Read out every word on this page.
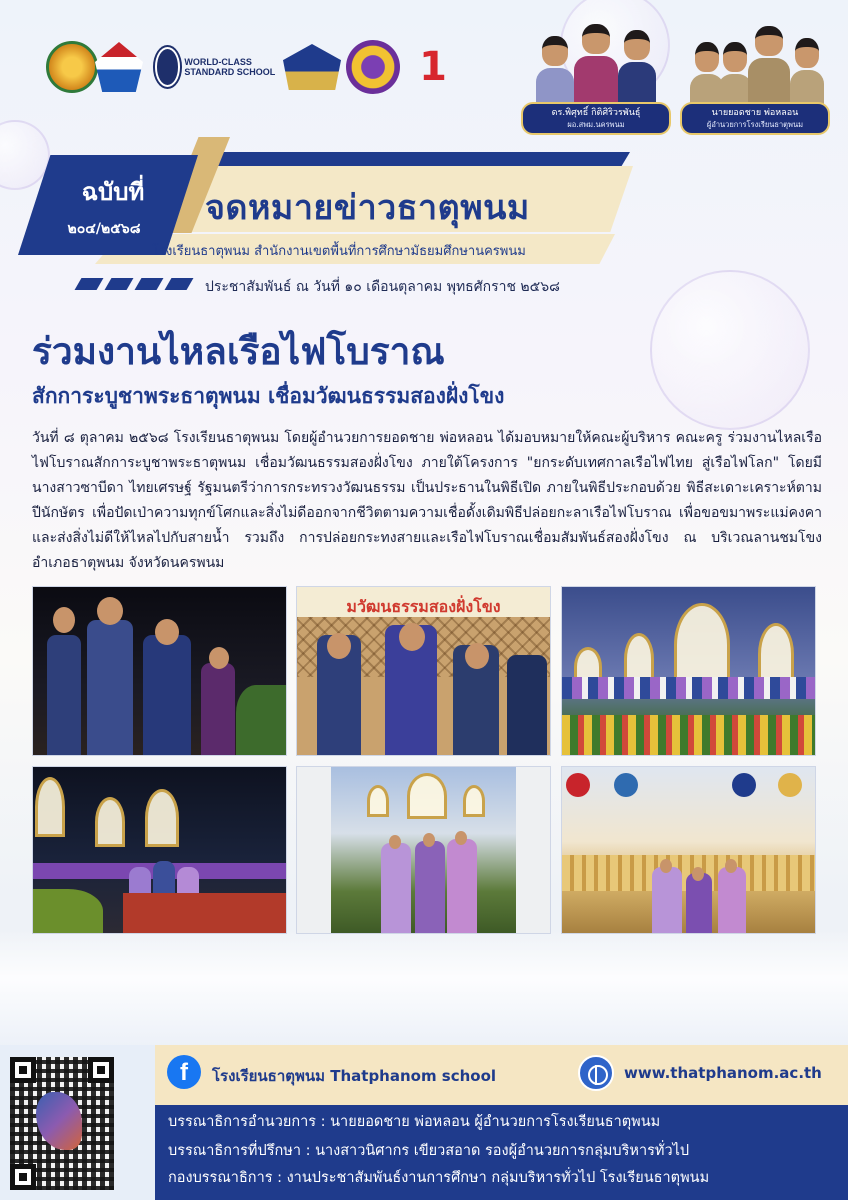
WORLD-CLASS STANDARD SCHOOL	1
ดร.พิศุทธิ์ กิติศิริวรพันธุ์
ผอ.สพม.นครพนม
นายยอดชาย พ่อหลอน
ผู้อำนวยการโรงเรียนธาตุพนม
ฉบับที่
๒๐๔/๒๕๖๘
จดหมายข่าวธาตุพนม
โรงเรียนธาตุพนม สำนักงานเขตพื้นที่การศึกษามัธยมศึกษานครพนม
ประชาสัมพันธ์ ณ วันที่ ๑๐ เดือนตุลาคม พุทธศักราช ๒๕๖๘
ร่วมงานไหลเรือไฟโบราณ
สักการะบูชาพระธาตุพนม เชื่อมวัฒนธรรมสองฝั่งโขง
วันที่ ๘ ตุลาคม ๒๕๖๘ โรงเรียนธาตุพนม โดยผู้อำนวยการยอดชาย พ่อหลอน ได้มอบหมายให้คณะผู้บริหาร คณะครู ร่วมงานไหลเรือไฟโบราณสักการะบูชาพระธาตุพนม เชื่อมวัฒนธรรมสองฝั่งโขง ภายใต้โครงการ "ยกระดับเทศกาลเรือไฟไทย สู่เรือไฟโลก" โดยมี นางสาวซาบีดา ไทยเศรษฐ์ รัฐมนตรีว่าการกระทรวงวัฒนธรรม เป็นประธานในพิธีเปิด ภายในพิธีประกอบด้วย พิธีสะเดาะเคราะห์ตามปีนักษัตร เพื่อปัดเป่าความทุกข์โศกและสิ่งไม่ดีออกจากชีวิตตามความเชื่อดั้งเดิมพิธีปล่อยกะลาเรือไฟโบราณ เพื่อขอขมาพระแม่คงคา และส่งสิ่งไม่ดีให้ไหลไปกับสายน้ำ รวมถึง การปล่อยกระทงสายและเรือไฟโบราณเชื่อมสัมพันธ์สองฝั่งโขง ณ บริเวณลานชมโขง อำเภอธาตุพนม จังหวัดนครพนม
มวัฒนธรรมสองฝั่งโขง
f	โรงเรียนธาตุพนม Thatphanom school	www.thatphanom.ac.th
บรรณาธิการอำนวยการ : นายยอดชาย พ่อหลอน ผู้อำนวยการโรงเรียนธาตุพนม
บรรณาธิการที่ปรึกษา : นางสาวนิศากร เขียวสอาด รองผู้อำนวยการกลุ่มบริหารทั่วไป
กองบรรณาธิการ : งานประชาสัมพันธ์งานการศึกษา กลุ่มบริหารทั่วไป โรงเรียนธาตุพนม
